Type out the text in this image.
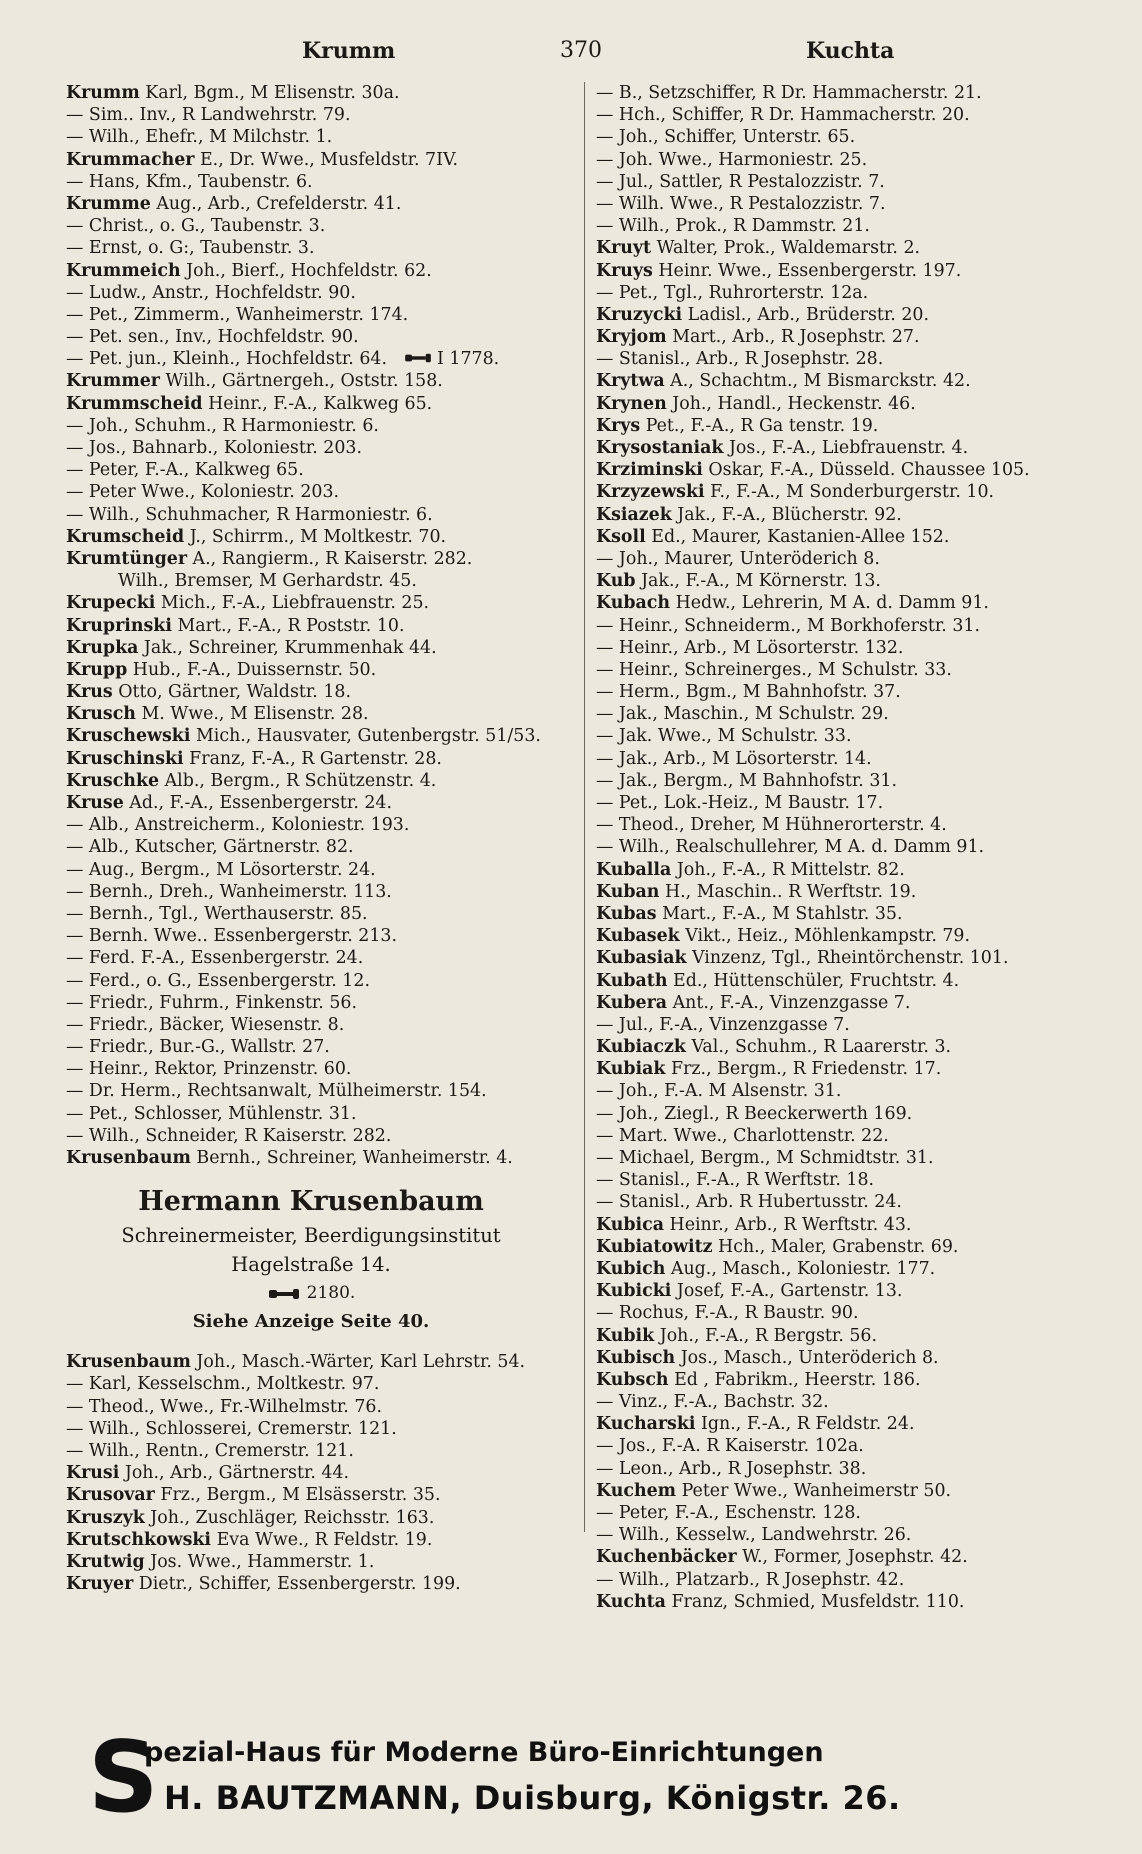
Krumm	370	Kuchta
Krumm Karl, Bgm., M Elisenstr. 30a.
— Sim.. Inv., R Landwehrstr. 79.
— Wilh., Ehefr., M Milchstr. 1.
Krummacher E., Dr. Wwe., Musfeldstr. 7IV.
— Hans, Kfm., Taubenstr. 6.
Krumme Aug., Arb., Crefelderstr. 41.
— Christ., o. G., Taubenstr. 3.
— Ernst, o. G:, Taubenstr. 3.
Krummeich Joh., Bierf., Hochfeldstr. 62.
— Ludw., Anstr., Hochfeldstr. 90.
— Pet., Zimmerm., Wanheimerstr. 174.
— Pet. sen., Inv., Hochfeldstr. 90.
— Pet. jun., Kleinh., Hochfeldstr. 64.	I 1778.
Krummer Wilh., Gärtnergeh., Oststr. 158.
Krummscheid Heinr., F.-A., Kalkweg 65.
— Joh., Schuhm., R Harmoniestr. 6.
— Jos., Bahnarb., Koloniestr. 203.
— Peter, F.-A., Kalkweg 65.
— Peter Wwe., Koloniestr. 203.
— Wilh., Schuhmacher, R Harmoniestr. 6.
Krumscheid J., Schirrm., M Moltkestr. 70.
Krumtünger A., Rangierm., R Kaiserstr. 282.
Wilh., Bremser, M Gerhardstr. 45.
Krupecki Mich., F.-A., Liebfrauenstr. 25.
Kruprinski Mart., F.-A., R Poststr. 10.
Krupka Jak., Schreiner, Krummenhak 44.
Krupp Hub., F.-A., Duissernstr. 50.
Krus Otto, Gärtner, Waldstr. 18.
Krusch M. Wwe., M Elisenstr. 28.
Kruschewski Mich., Hausvater, Gutenbergstr. 51/53.
Kruschinski Franz, F.-A., R Gartenstr. 28.
Kruschke Alb., Bergm., R Schützenstr. 4.
Kruse Ad., F.-A., Essenbergerstr. 24.
— Alb., Anstreicherm., Koloniestr. 193.
— Alb., Kutscher, Gärtnerstr. 82.
— Aug., Bergm., M Lösorterstr. 24.
— Bernh., Dreh., Wanheimerstr. 113.
— Bernh., Tgl., Werthauserstr. 85.
— Bernh. Wwe.. Essenbergerstr. 213.
— Ferd. F.-A., Essenbergerstr. 24.
— Ferd., o. G., Essenbergerstr. 12.
— Friedr., Fuhrm., Finkenstr. 56.
— Friedr., Bäcker, Wiesenstr. 8.
— Friedr., Bur.-G., Wallstr. 27.
— Heinr., Rektor, Prinzenstr. 60.
— Dr. Herm., Rechtsanwalt, Mülheimerstr. 154.
— Pet., Schlosser, Mühlenstr. 31.
— Wilh., Schneider, R Kaiserstr. 282.
Krusenbaum Bernh., Schreiner, Wanheimerstr. 4.
Hermann Krusenbaum
Schreinermeister, Beerdigungsinstitut
Hagelstraße 14.
2180.
Siehe Anzeige Seite 40.
Krusenbaum Joh., Masch.-Wärter, Karl Lehrstr. 54.
— Karl, Kesselschm., Moltkestr. 97.
— Theod., Wwe., Fr.-Wilhelmstr. 76.
— Wilh., Schlosserei, Cremerstr. 121.
— Wilh., Rentn., Cremerstr. 121.
Krusi Joh., Arb., Gärtnerstr. 44.
Krusovar Frz., Bergm., M Elsässerstr. 35.
Kruszyk Joh., Zuschläger, Reichsstr. 163.
Krutschkowski Eva Wwe., R Feldstr. 19.
Krutwig Jos. Wwe., Hammerstr. 1.
Kruyer Dietr., Schiffer, Essenbergerstr. 199.
— B., Setzschiffer, R Dr. Hammacherstr. 21.
— Hch., Schiffer, R Dr. Hammacherstr. 20.
— Joh., Schiffer, Unterstr. 65.
— Joh. Wwe., Harmoniestr. 25.
— Jul., Sattler, R Pestalozzistr. 7.
— Wilh. Wwe., R Pestalozzistr. 7.
— Wilh., Prok., R Dammstr. 21.
Kruyt Walter, Prok., Waldemarstr. 2.
Kruys Heinr. Wwe., Essenbergerstr. 197.
— Pet., Tgl., Ruhrorterstr. 12a.
Kruzycki Ladisl., Arb., Brüderstr. 20.
Kryjom Mart., Arb., R Josephstr. 27.
— Stanisl., Arb., R Josephstr. 28.
Krytwa A., Schachtm., M Bismarckstr. 42.
Krynen Joh., Handl., Heckenstr. 46.
Krys Pet., F.-A., R Ga tenstr. 19.
Krysostaniak Jos., F.-A., Liebfrauenstr. 4.
Krziminski Oskar, F.-A., Düsseld. Chaussee 105.
Krzyzewski F., F.-A., M Sonderburgerstr. 10.
Ksiazek Jak., F.-A., Blücherstr. 92.
Ksoll Ed., Maurer, Kastanien-Allee 152.
— Joh., Maurer, Unteröderich 8.
Kub Jak., F.-A., M Körnerstr. 13.
Kubach Hedw., Lehrerin, M A. d. Damm 91.
— Heinr., Schneiderm., M Borkhoferstr. 31.
— Heinr., Arb., M Lösorterstr. 132.
— Heinr., Schreinerges., M Schulstr. 33.
— Herm., Bgm., M Bahnhofstr. 37.
— Jak., Maschin., M Schulstr. 29.
— Jak. Wwe., M Schulstr. 33.
— Jak., Arb., M Lösorterstr. 14.
— Jak., Bergm., M Bahnhofstr. 31.
— Pet., Lok.-Heiz., M Baustr. 17.
— Theod., Dreher, M Hühnerorterstr. 4.
— Wilh., Realschullehrer, M A. d. Damm 91.
Kuballa Joh., F.-A., R Mittelstr. 82.
Kuban H., Maschin.. R Werftstr. 19.
Kubas Mart., F.-A., M Stahlstr. 35.
Kubasek Vikt., Heiz., Möhlenkampstr. 79.
Kubasiak Vinzenz, Tgl., Rheintörchenstr. 101.
Kubath Ed., Hüttenschüler, Fruchtstr. 4.
Kubera Ant., F.-A., Vinzenzgasse 7.
— Jul., F.-A., Vinzenzgasse 7.
Kubiaczk Val., Schuhm., R Laarerstr. 3.
Kubiak Frz., Bergm., R Friedenstr. 17.
— Joh., F.-A. M Alsenstr. 31.
— Joh., Ziegl., R Beeckerwerth 169.
— Mart. Wwe., Charlottenstr. 22.
— Michael, Bergm., M Schmidtstr. 31.
— Stanisl., F.-A., R Werftstr. 18.
— Stanisl., Arb. R Hubertusstr. 24.
Kubica Heinr., Arb., R Werftstr. 43.
Kubiatowitz Hch., Maler, Grabenstr. 69.
Kubich Aug., Masch., Koloniestr. 177.
Kubicki Josef, F.-A., Gartenstr. 13.
— Rochus, F.-A., R Baustr. 90.
Kubik Joh., F.-A., R Bergstr. 56.
Kubisch Jos., Masch., Unteröderich 8.
Kubsch Ed , Fabrikm., Heerstr. 186.
— Vinz., F.-A., Bachstr. 32.
Kucharski Ign., F.-A., R Feldstr. 24.
— Jos., F.-A. R Kaiserstr. 102a.
— Leon., Arb., R Josephstr. 38.
Kuchem Peter Wwe., Wanheimerstr 50.
— Peter, F.-A., Eschenstr. 128.
— Wilh., Kesselw., Landwehrstr. 26.
Kuchenbäcker W., Former, Josephstr. 42.
— Wilh., Platzarb., R Josephstr. 42.
Kuchta Franz, Schmied, Musfeldstr. 110.
S
pezial-Haus für Moderne Büro-Einrichtungen
H. BAUTZMANN, Duisburg, Königstr. 26.
